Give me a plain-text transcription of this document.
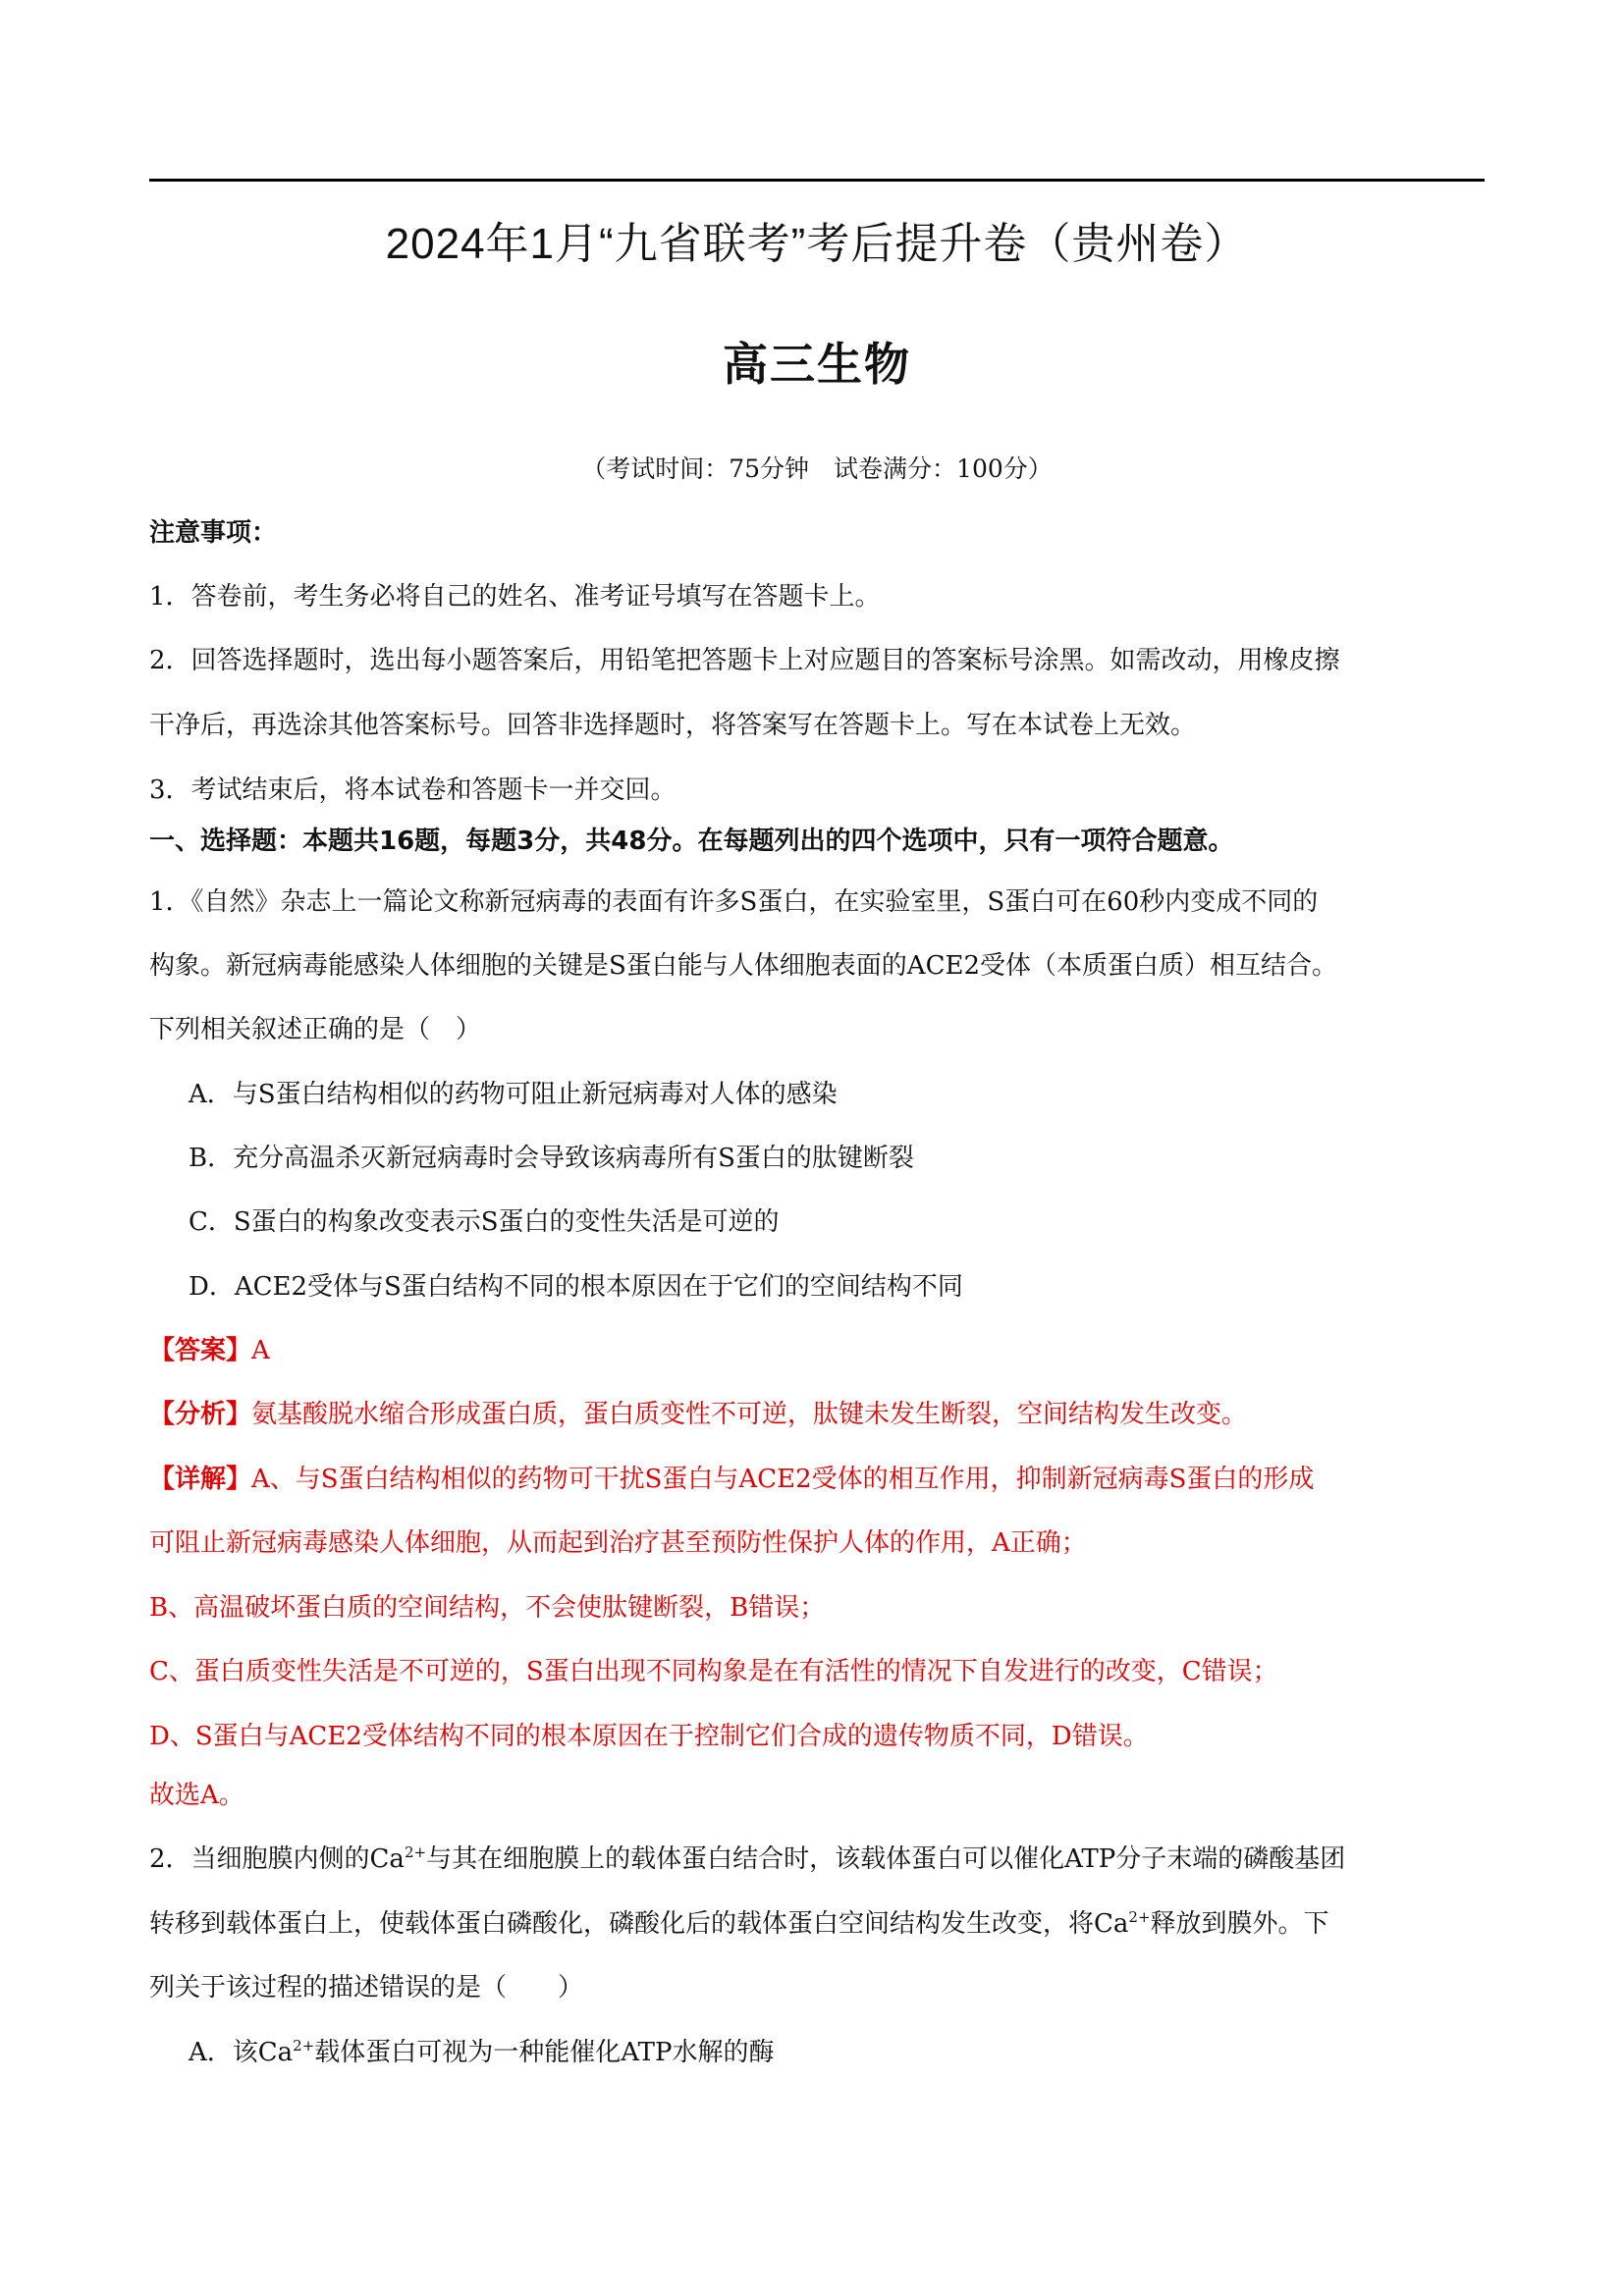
2024年1月“九省联考”考后提升卷（贵州卷）
高三生物
（考试时间：75分钟　试卷满分：100分）
注意事项：
1．答卷前，考生务必将自己的姓名、准考证号填写在答题卡上。
2．回答选择题时，选出每小题答案后，用铅笔把答题卡上对应题目的答案标号涂黑。如需改动，用橡皮擦
干净后，再选涂其他答案标号。回答非选择题时，将答案写在答题卡上。写在本试卷上无效。
3．考试结束后，将本试卷和答题卡一并交回。
一、选择题：本题共16题，每题3分，共48分。在每题列出的四个选项中，只有一项符合题意。
1．《自然》杂志上一篇论文称新冠病毒的表面有许多S蛋白，在实验室里，S蛋白可在60秒内变成不同的
构象。新冠病毒能感染人体细胞的关键是S蛋白能与人体细胞表面的ACE2受体（本质蛋白质）相互结合。
下列相关叙述正确的是（　）
A．与S蛋白结构相似的药物可阻止新冠病毒对人体的感染
B．充分高温杀灭新冠病毒时会导致该病毒所有S蛋白的肽键断裂
C．S蛋白的构象改变表示S蛋白的变性失活是可逆的
D．ACE2受体与S蛋白结构不同的根本原因在于它们的空间结构不同
【答案】A
【分析】氨基酸脱水缩合形成蛋白质，蛋白质变性不可逆，肽键未发生断裂，空间结构发生改变。
【详解】A、与S蛋白结构相似的药物可干扰S蛋白与ACE2受体的相互作用，抑制新冠病毒S蛋白的形成
可阻止新冠病毒感染人体细胞，从而起到治疗甚至预防性保护人体的作用，A正确；
B、高温破坏蛋白质的空间结构，不会使肽键断裂，B错误；
C、蛋白质变性失活是不可逆的，S蛋白出现不同构象是在有活性的情况下自发进行的改变，C错误；
D、S蛋白与ACE2受体结构不同的根本原因在于控制它们合成的遗传物质不同，D错误。
故选A。
2．当细胞膜内侧的$Ca^{2+}$与其在细胞膜上的载体蛋白结合时，该载体蛋白可以催化ATP分子末端的磷酸基团
转移到载体蛋白上，使载体蛋白磷酸化，磷酸化后的载体蛋白空间结构发生改变，将$Ca^{2+}$释放到膜外。下
列关于该过程的描述错误的是（　　）
A．该$Ca^{2+}$载体蛋白可视为一种能催化ATP水解的酶
